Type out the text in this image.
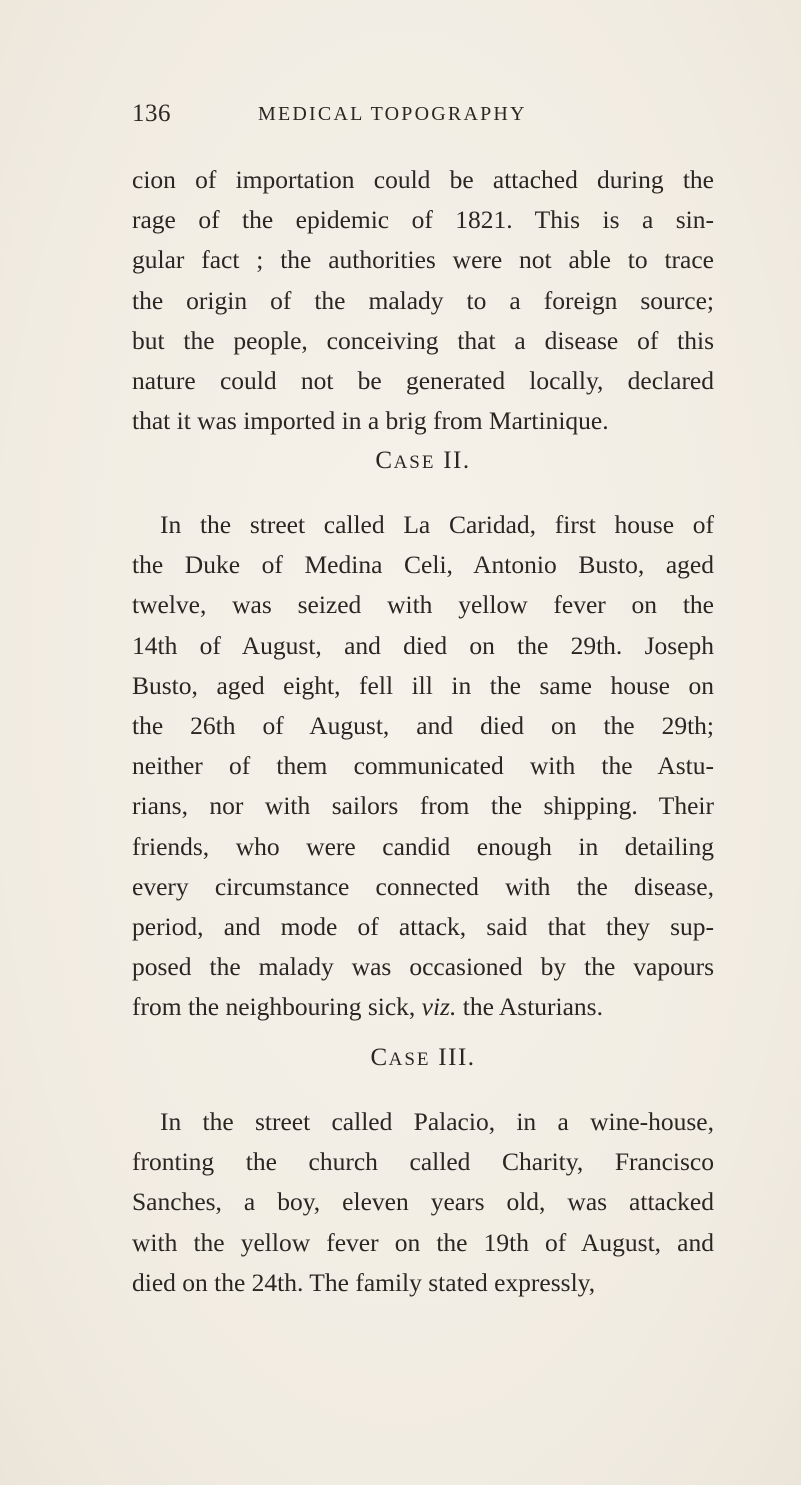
136	MEDICAL TOPOGRAPHY
cion of importation could be attached during the
rage of the epidemic of 1821. This is a sin-
gular fact ; the authorities were not able to trace
the origin of the malady to a foreign source;
but the people, conceiving that a disease of this
nature could not be generated locally, declared
that it was imported in a brig from Martinique.
CASE II.
In the street called La Caridad, first house of
the Duke of Medina Celi, Antonio Busto, aged
twelve, was seized with yellow fever on the
14th of August, and died on the 29th. Joseph
Busto, aged eight, fell ill in the same house on
the 26th of August, and died on the 29th;
neither of them communicated with the Astu-
rians, nor with sailors from the shipping. Their
friends, who were candid enough in detailing
every circumstance connected with the disease,
period, and mode of attack, said that they sup-
posed the malady was occasioned by the vapours
from the neighbouring sick, viz. the Asturians.
CASE III.
In the street called Palacio, in a wine-house,
fronting the church called Charity, Francisco
Sanches, a boy, eleven years old, was attacked
with the yellow fever on the 19th of August, and
died on the 24th. The family stated expressly,
